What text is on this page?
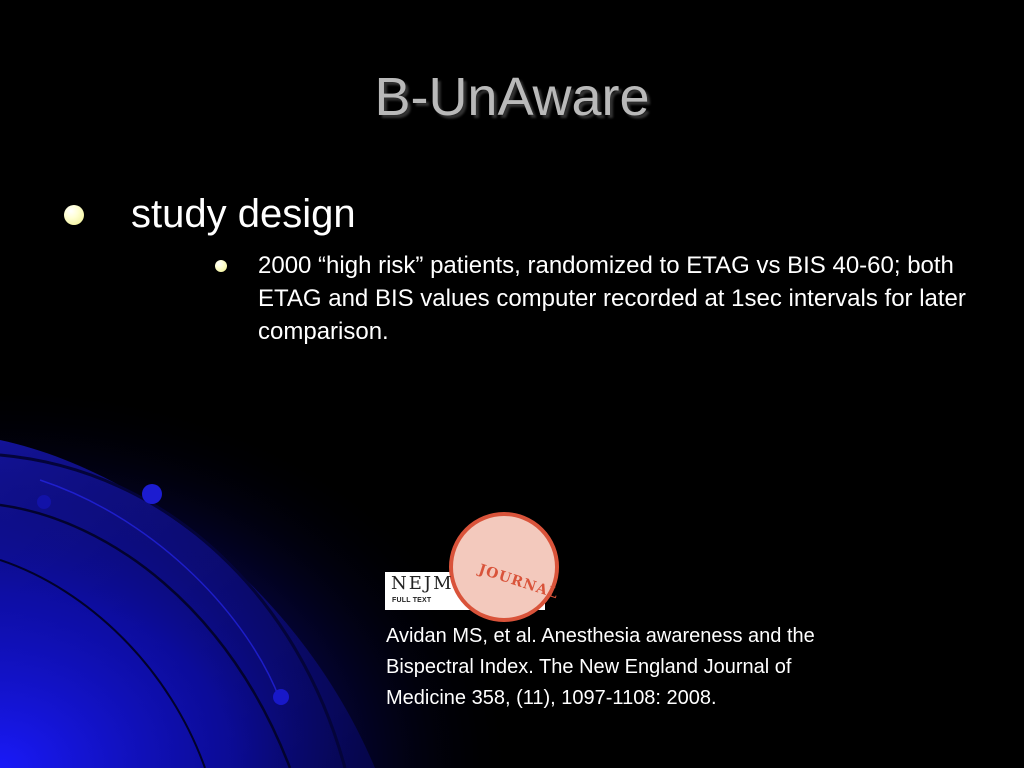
B-UnAware
study design
2000 “high risk” patients, randomized to ETAG vs BIS 40-60; both ETAG and BIS values computer recorded at 1sec intervals for later comparison.
JOURNAL
NEJM
FULL TEXT
Avidan MS, et al. Anesthesia awareness and the
Bispectral Index. The New England Journal of
Medicine 358, (11), 1097-1108: 2008.
